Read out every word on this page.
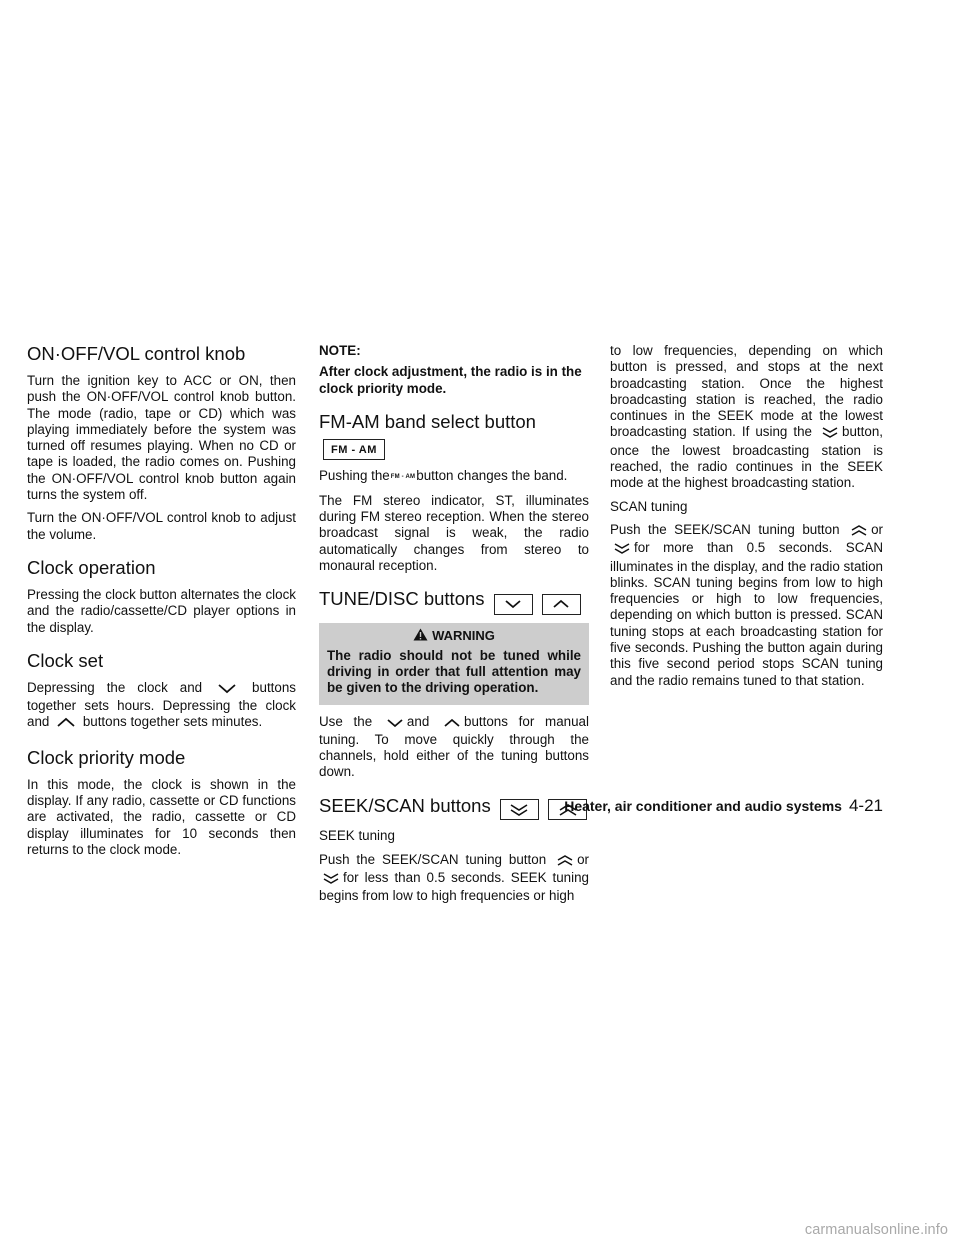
ON·OFF/VOL control knob

Turn the ignition key to ACC or ON, then push the ON·OFF/VOL control knob button. The mode (radio, tape or CD) which was playing immediately before the system was turned off resumes playing. When no CD or tape is loaded, the radio comes on. Pushing the ON·OFF/VOL control knob button again turns the system off.

Turn the ON·OFF/VOL control knob to adjust the volume.

Clock operation

Pressing the clock button alternates the clock and the radio/cassette/CD player options in the display.

Clock set

Depressing the clock and	buttons together sets hours. Depressing the clock and buttons together sets minutes.

Clock priority mode

In this mode, the clock is shown in the display. If any radio, cassette or CD functions are activated, the radio, cassette or CD display illuminates for 10 seconds then returns to the clock mode.

NOTE:

After clock adjustment, the radio is in the clock priority mode.

FM-AM band select button FM - AM

Pushing theFM - AMbutton changes the band.

The FM stereo indicator, ST, illuminates during FM stereo reception. When the stereo broadcast signal is weak, the radio automatically changes from stereo to monaural reception.

TUNE/DISC buttons

WARNING
The radio should not be tuned while driving in order that full attention may be given to the driving operation.

Use the	and	buttons for manual tuning. To move quickly through the channels, hold either of the tuning buttons down.

SEEK/SCAN buttons

SEEK tuning

Push the SEEK/SCAN tuning button or for less than 0.5 seconds. SEEK tuning begins from low to high frequencies or high

to low frequencies, depending on which button is pressed, and stops at the next broadcasting station. Once the highest broadcasting station is reached, the radio continues in the SEEK mode at the lowest broadcasting station. If using the button, once the lowest broadcasting station is reached, the radio continues in the SEEK mode at the highest broadcasting station.

SCAN tuning

Push the SEEK/SCAN tuning button or for more than 0.5 seconds. SCAN illuminates in the display, and the radio station blinks. SCAN tuning begins from low to high frequencies or high to low frequencies, depending on which button is pressed. SCAN tuning stops at each broadcasting station for five seconds. Pushing the button again during this five second period stops SCAN tuning and the radio remains tuned to that station.

Heater, air conditioner and audio systems 4-21
carmanualsonline.info
